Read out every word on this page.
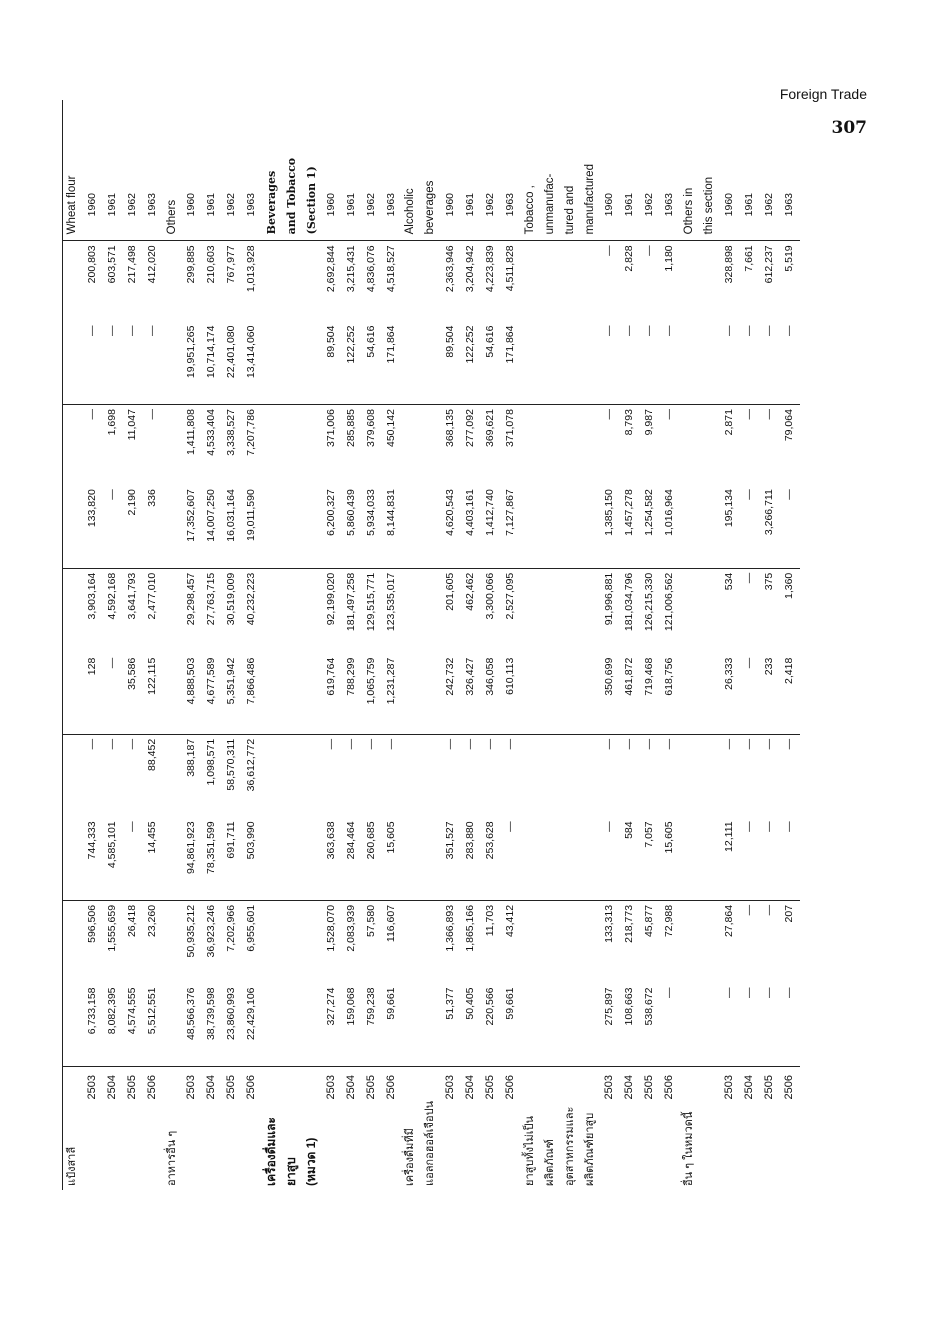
Foreign Trade
307
แป้งสาลี											Wheat flour
2503	6,733,158	596,506	744,333	—	128	3,903,164	133,820	—	—	200,803	1960
2504	8,082,395	1,555,659	4,585,101	—	—	4,592,168	—	1,698	—	603,571	1961
2505	4,574,555	26,418	—	—	35,586	3,641,793	2,190	11,047	—	217,498	1962
2506	5,512,551	23,260	14,455	88,452	122,115	2,477,010	336	—	—	412,020	1963
อาหารอื่น ๆ											Others
2503	48,566,376	50,935,212	94,861,923	388,187	4,888,503	29,298,457	17,352,607	1,411,808	19,951,265	299,885	1960
2504	38,739,598	36,923,246	78,351,599	1,098,571	4,677,589	27,763,715	14,007,250	4,533,404	10,714,174	210,603	1961
2505	23,860,993	7,202,966	691,711	58,570,311	5,351,942	30,519,009	16,031,164	3,338,527	22,401,080	767,977	1962
2506	22,429,106	6,955,601	503,990	36,612,772	7,866,486	40,232,223	19,011,590	7,207,786	13,414,060	1,013,928	1963
เครื่องดื่มและ											Beverages
ยาสูบ											and Tobacco
(หมวด 1)											(Section 1)
2503	327,274	1,528,070	363,638	—	619,764	92,199,020	6,200,327	371,006	89,504	2,692,844	1960
2504	159,068	2,083,939	284,464	—	788,299	181,497,258	5,860,439	285,885	122,252	3,215,431	1961
2505	759,238	57,580	260,685	—	1,065,759	129,515,771	5,934,033	379,608	54,616	4,836,076	1962
2506	59,661	116,607	15,605	—	1,231,287	123,535,017	8,144,831	450,142	171,864	4,518,527	1963
เครื่องดื่มที่มี											Alcoholic
แอลกอฮอล์เจือปน											beverages
2503	51,377	1,366,893	351,527	—	242,732	201,605	4,620,543	368,135	89,504	2,363,946	1960
2504	50,405	1,865,166	283,880	—	326,427	462,462	4,403,161	277,092	122,252	3,204,942	1961
2505	220,566	11,703	253,628	—	346,058	3,300,066	1,412,740	369,621	54,616	4,223,839	1962
2506	59,661	43,412	—	—	610,113	2,527,095	7,127,867	371,078	171,864	4,511,828	1963
ยาสูบทั้งไม่เป็น											Tobacco ,
ผลิตภัณฑ์											unmanufac-
อุตสาหกรรมและ											tured and
ผลิตภัณฑ์ยาสูบ											manufactured
2503	275,897	133,313	—	—	350,699	91,996,881	1,385,150	—	—	—	1960
2504	108,663	218,773	584	—	461,872	181,034,796	1,457,278	8,793	—	2,828	1961
2505	538,672	45,877	7,057	—	719,468	126,215,330	1,254,582	9,987	—	—	1962
2506	—	72,988	15,605	—	618,756	121,006,562	1,016,964	—	—	1,180	1963
อื่น ๆ ในหมวดนี้											Others in
											this section
2503	—	27,864	12,111	—	26,333	534	195,134	2,871	—	328,898	1960
2504	—	—	—	—	—	—	—	—	—	7,661	1961
2505	—	—	—	—	233	375	3,266,711	—	—	612,237	1962
2506	—	207	—	—	2,418	1,360	—	79,064	—	5,519	1963
